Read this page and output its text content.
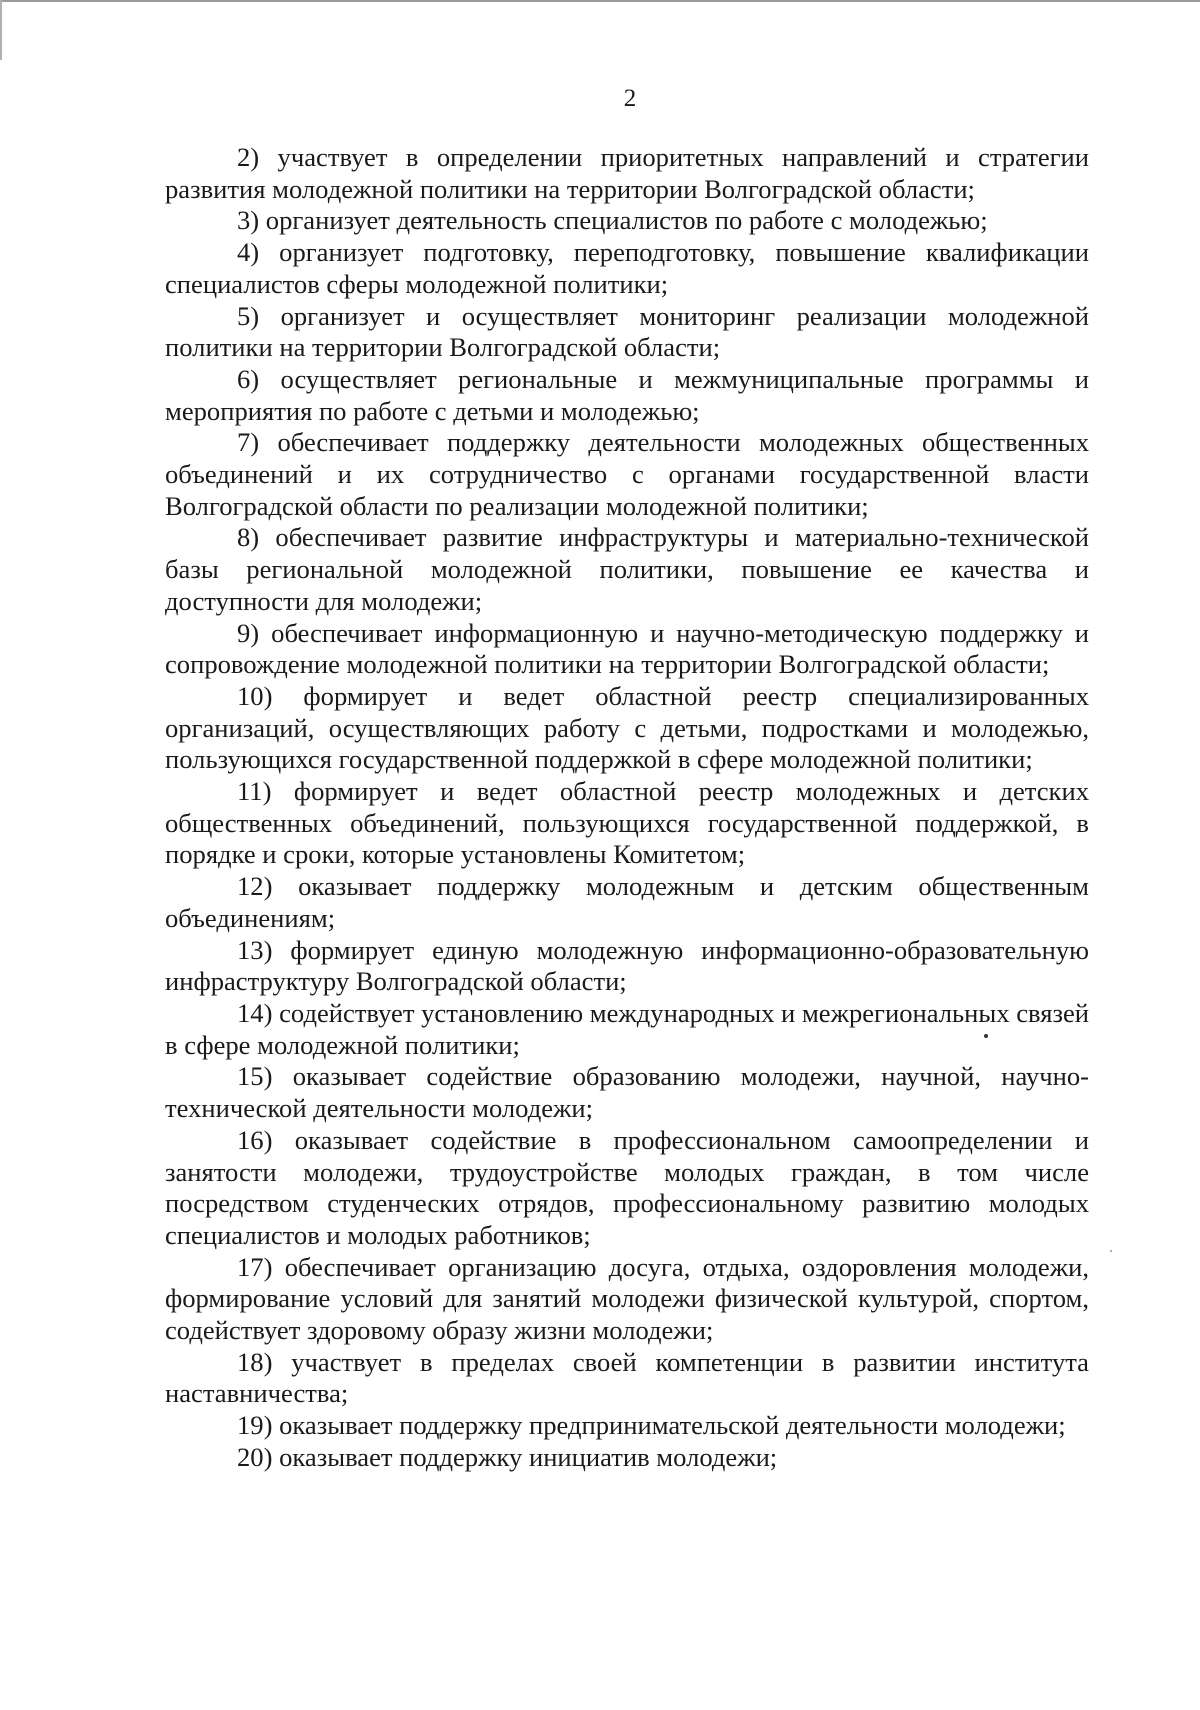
2

2) участвует в определении приоритетных направлений и стратегии развития молодежной политики на территории Волгоградской области;

3) организует деятельность специалистов по работе с молодежью;

4) организует подготовку, переподготовку, повышение квалификации специалистов сферы молодежной политики;

5) организует и осуществляет мониторинг реализации молодежной политики на территории Волгоградской области;

6) осуществляет региональные и межмуниципальные программы и мероприятия по работе с детьми и молодежью;

7) обеспечивает поддержку деятельности молодежных общественных объединений и их сотрудничество с органами государственной власти Волгоградской области по реализации молодежной политики;

8) обеспечивает развитие инфраструктуры и материально-технической базы региональной молодежной политики, повышение ее качества и доступности для молодежи;

9) обеспечивает информационную и научно-методическую поддержку и сопровождение молодежной политики на территории Волгоградской области;

10) формирует и ведет областной реестр специализированных организаций, осуществляющих работу с детьми, подростками и молодежью, пользующихся государственной поддержкой в сфере молодежной политики;

11) формирует и ведет областной реестр молодежных и детских общественных объединений, пользующихся государственной поддержкой, в порядке и сроки, которые установлены Комитетом;

12) оказывает поддержку молодежным и детским общественным объединениям;

13) формирует единую молодежную информационно-образовательную инфраструктуру Волгоградской области;

14) содействует установлению международных и межрегиональных связей в сфере молодежной политики;

15) оказывает содействие образованию молодежи, научной, научно-технической деятельности молодежи;

16) оказывает содействие в профессиональном самоопределении и занятости молодежи, трудоустройстве молодых граждан, в том числе посредством студенческих отрядов, профессиональному развитию молодых специалистов и молодых работников;

17) обеспечивает организацию досуга, отдыха, оздоровления молодежи, формирование условий для занятий молодежи физической культурой, спортом, содействует здоровому образу жизни молодежи;

18) участвует в пределах своей компетенции в развитии института наставничества;

19) оказывает поддержку предпринимательской деятельности молодежи;

20) оказывает поддержку инициатив молодежи;
